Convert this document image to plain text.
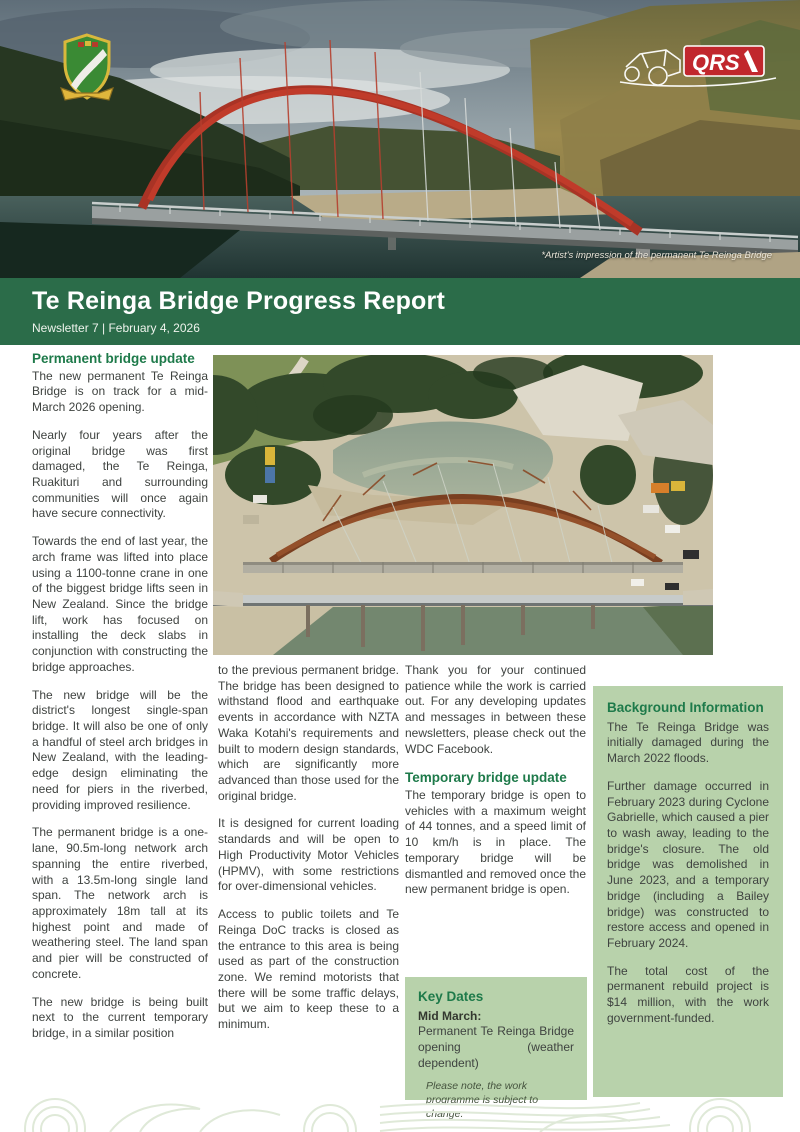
QRS
*Artist's impression of the permanent Te Reinga Bridge
Te Reinga Bridge Progress Report
Newsletter 7 | February 4, 2026
Permanent bridge update

The new permanent Te Reinga Bridge is on track for a mid-March 2026 opening.

Nearly four years after the original bridge was first damaged, the Te Reinga, Ruakituri and surrounding communities will once again have secure connectivity.

Towards the end of last year, the arch frame was lifted into place using a 1100-tonne crane in one of the biggest bridge lifts seen in New Zealand. Since the bridge lift, work has focused on installing the deck slabs in conjunction with constructing the bridge approaches.

The new bridge will be the district's longest single-span bridge. It will also be one of only a handful of steel arch bridges in New Zealand, with the leading-edge design eliminating the need for piers in the riverbed, providing improved resilience.

The permanent bridge is a one-lane, 90.5m-long network arch spanning the entire riverbed, with a 13.5m-long single land span. The network arch is approximately 18m tall at its highest point and made of weathering steel. The land span and pier will be constructed of concrete.

The new bridge is being built next to the current temporary bridge, in a similar position

to the previous permanent bridge. The bridge has been designed to withstand flood and earthquake events in accordance with NZTA Waka Kotahi's requirements and built to modern design standards, which are significantly more advanced than those used for the original bridge.

It is designed for current loading standards and will be open to High Productivity Motor Vehicles (HPMV), with some restrictions for over-dimensional vehicles.

Access to public toilets and Te Reinga DoC tracks is closed as the entrance to this area is being used as part of the construction zone. We remind motorists that there will be some traffic delays, but we aim to keep these to a minimum.

Thank you for your continued patience while the work is carried out. For any developing updates and messages in between these newsletters, please check out the WDC Facebook.

Temporary bridge update

The temporary bridge is open to vehicles with a maximum weight of 44 tonnes, and a speed limit of 10 km/h is in place. The temporary bridge will be dismantled and removed once the new permanent bridge is open.

Key Dates

Mid March:

Permanent Te Reinga Bridge opening (weather dependent)

Please note, the work programme is subject to change.

Background Information

The Te Reinga Bridge was initially damaged during the March 2022 floods.

Further damage occurred in February 2023 during Cyclone Gabrielle, which caused a pier to wash away, leading to the bridge's closure. The old bridge was demolished in June 2023, and a temporary bridge (including a Bailey bridge) was constructed to restore access and opened in February 2024.

The total cost of the permanent rebuild project is $14 million, with the work government-funded.
